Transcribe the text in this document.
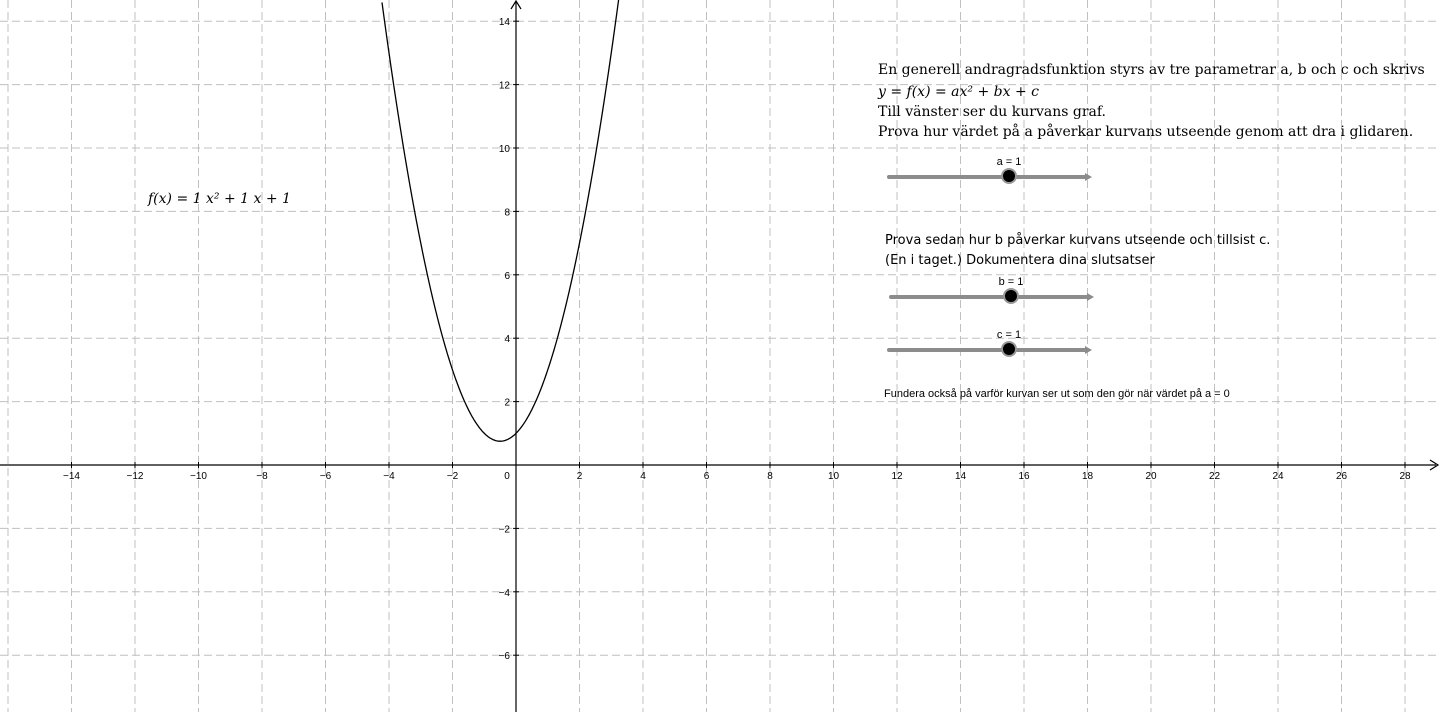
−14	−12	−10	−8	−6	−4	−2	0	2	4	6	8	10	12	14	16	18	20	22	24	26	28
−6
−4
−2
2
4
6
8
10
12
14
f(x) = 1 x² + 1 x + 1
En generell andragradsfunktion styrs av tre parametrar a, b och c och skrivs
y = f(x) = ax² + bx + c
Till vänster ser du kurvans graf.
Prova hur värdet på a påverkar kurvans utseende genom att dra i glidaren.
a = 1
Prova sedan hur b påverkar kurvans utseende och tillsist c.
(En i taget.) Dokumentera dina slutsatser
b = 1
c = 1
Fundera också på varför kurvan ser ut som den gör när värdet på a = 0
